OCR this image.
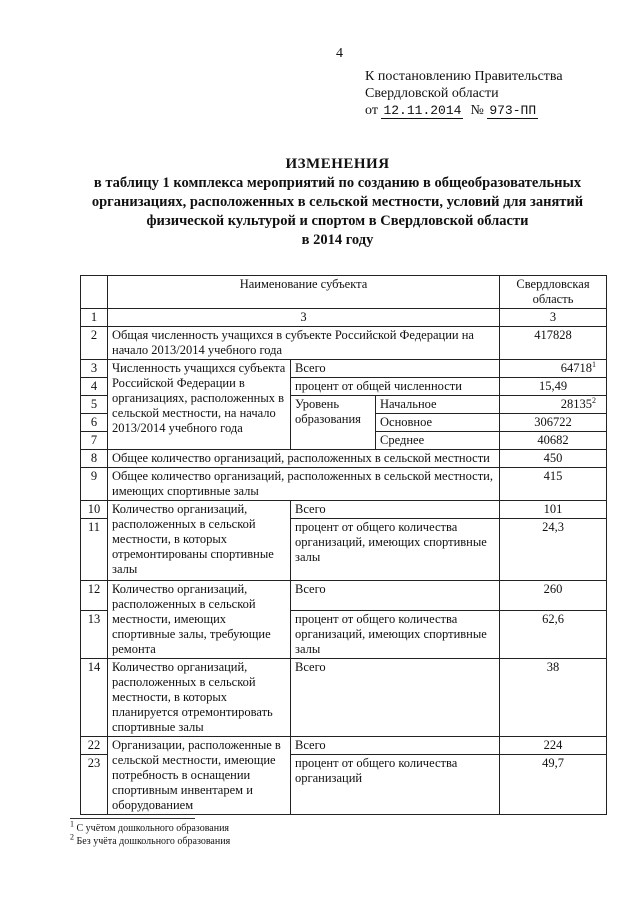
4
К постановлению Правительства
Свердловской области
от 12.11.2014 № 973-ПП
ИЗМЕНЕНИЯ
в таблицу 1 комплекса мероприятий по созданию в общеобразовательных
организациях, расположенных в сельской местности, условий для занятий
физической культурой и спортом в Свердловской области
в 2014 году

	Наименование субъекта			Свердловская область
1	3			3
2	Общая численность учащихся в субъекте Российской Федерации на начало 2013/2014 учебного года			417828
3	Численность учащихся субъекта Российской Федерации в организациях, расположенных в сельской местности, на начало 2013/2014 учебного года	Всего		64718$^1$
4		процент от общей численности		15,49
5		Уровень образования	Начальное	28135$^2$
6			Основное	306722
7			Среднее	40682
8	Общее количество организаций, расположенных в сельской местности			450
9	Общее количество организаций, расположенных в сельской местности, имеющих спортивные залы			415
10	Количество организаций, расположенных в сельской местности, в которых отремонтированы спортивные залы	Всего		101
11		процент от общего количества организаций, имеющих спортивные залы		24,3
12	Количество организаций, расположенных в сельской местности, имеющих спортивные залы, требующие ремонта	Всего		260
13		процент от общего количества организаций, имеющих спортивные залы		62,6
14	Количество организаций, расположенных в сельской местности, в которых планируется отремонтировать спортивные залы	Всего		38
22	Организации, расположенные в сельской местности, имеющие потребность в оснащении спортивным инвентарем и оборудованием	Всего		224
23		процент от общего количества организаций		49,7
$^1$ С учётом дошкольного образования
$^2$ Без учёта дошкольного образования
